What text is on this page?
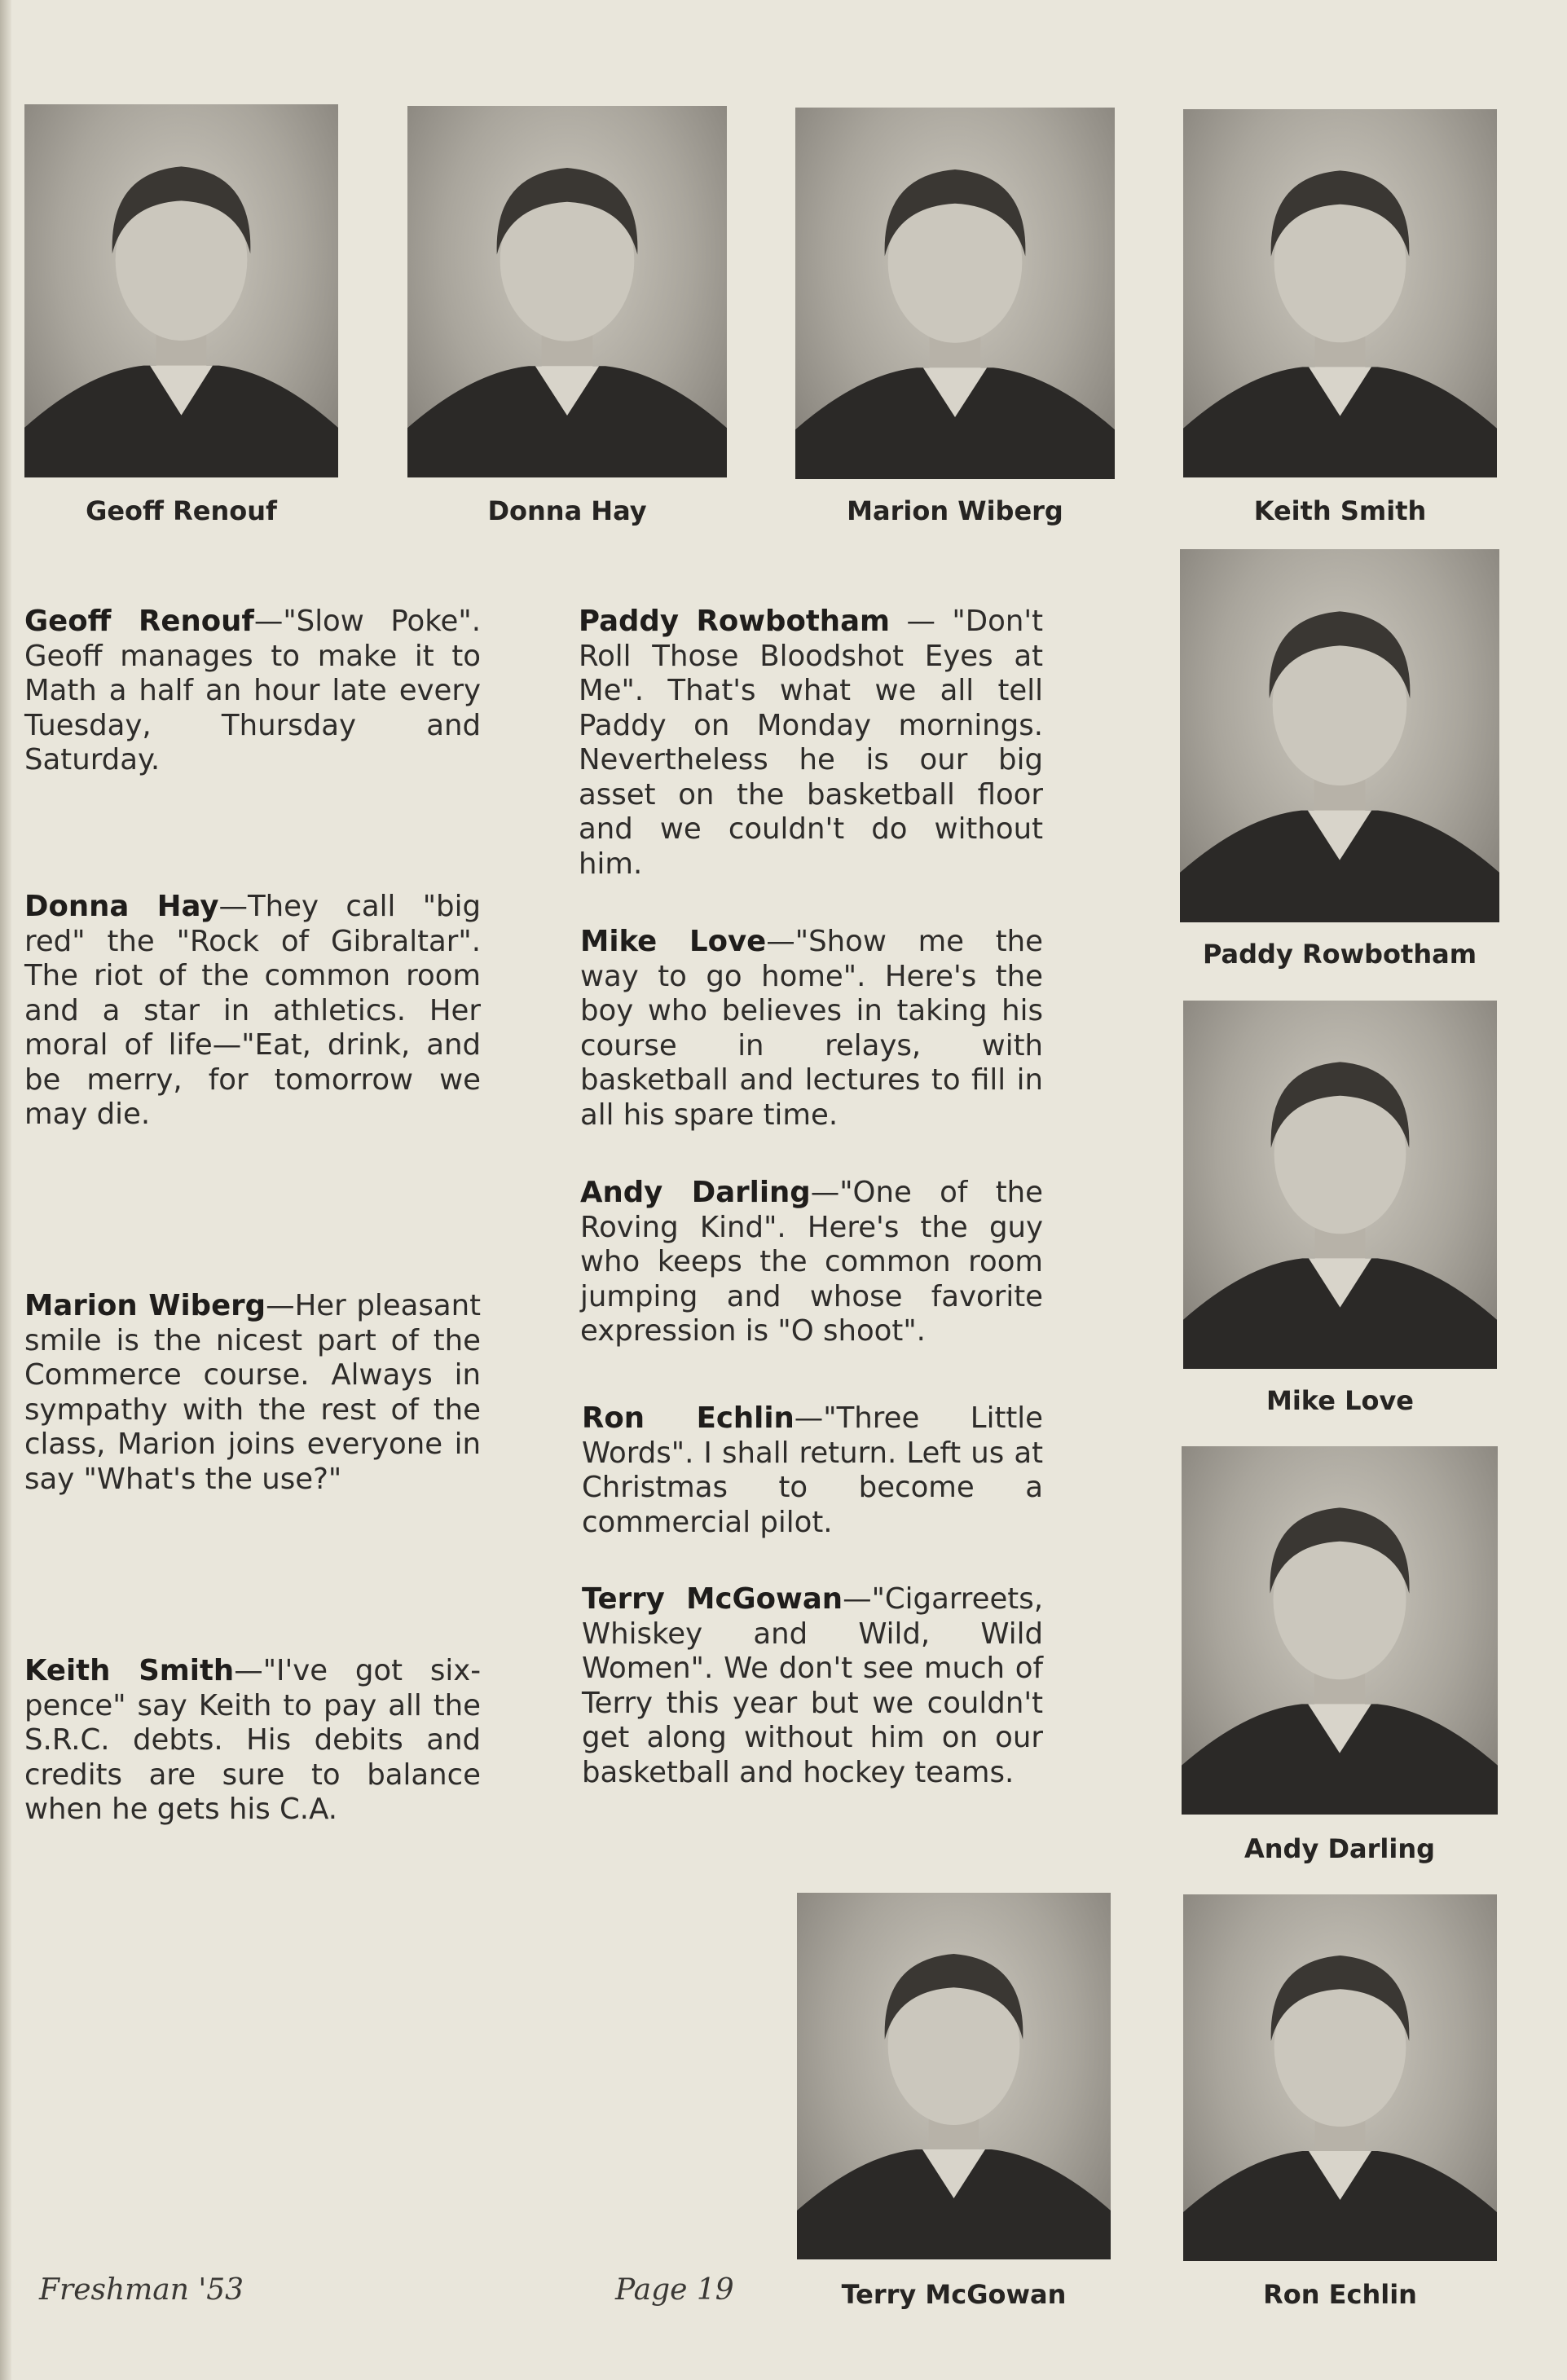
Geoff Renouf	Donna Hay	Marion Wiberg	Keith Smith
Paddy Rowbotham
Mike Love
Andy Darling
Terry McGowan	Ron Echlin

Geoff Renouf—"Slow Poke". Geoff manages to make it to Math a half an hour late every Tuesday, Thursday and Saturday.

Donna Hay—They call "big red" the "Rock of Gibraltar". The riot of the common room and a star in athletics. Her moral of life—"Eat, drink, and be merry, for tomorrow we may die.

Marion Wiberg—Her pleasant smile is the nicest part of the Commerce course. Always in sympathy with the rest of the class, Marion joins everyone in say "What's the use?"

Keith Smith—"I've got six-pence" say Keith to pay all the S.R.C. debts. His debits and credits are sure to balance when he gets his C.A.

Paddy Rowbotham — "Don't Roll Those Bloodshot Eyes at Me". That's what we all tell Paddy on Monday mornings. Nevertheless he is our big asset on the basketball floor and we couldn't do without him.

Mike Love—"Show me the way to go home". Here's the boy who believes in taking his course in relays, with basketball and lectures to fill in all his spare time.

Andy Darling—"One of the Roving Kind". Here's the guy who keeps the common room jumping and whose favorite expression is "O shoot".

Ron Echlin—"Three Little Words". I shall return. Left us at Christmas to become a commercial pilot.

Terry McGowan—"Cigarreets, Whiskey and Wild, Wild Women". We don't see much of Terry this year but we couldn't get along without him on our basketball and hockey teams.

Freshman '53	Page 19
